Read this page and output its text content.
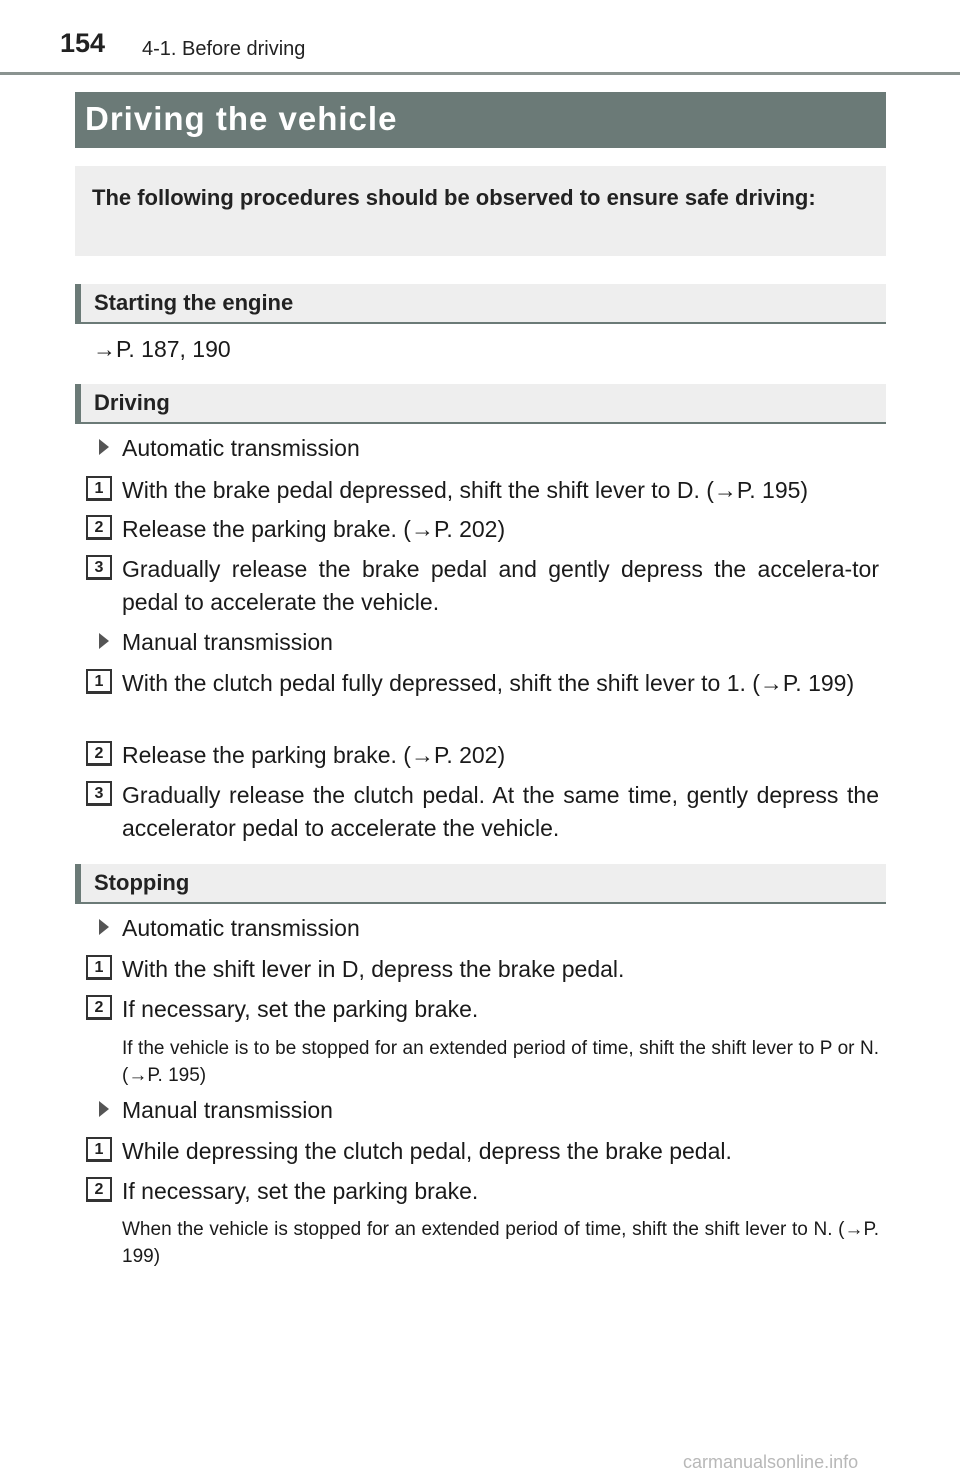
154 4-1. Before driving
Driving the vehicle

The following procedures should be observed to ensure safe driving:

Starting the engine
→P. 187, 190
Driving
Automatic transmission
1 With the brake pedal depressed, shift the shift lever to D. (→P. 195)
2 Release the parking brake. (→P. 202)
3 Gradually release the brake pedal and gently depress the accelera-tor pedal to accelerate the vehicle.
Manual transmission
1 With the clutch pedal fully depressed, shift the shift lever to 1. (→P. 199)
2 Release the parking brake. (→P. 202)
3 Gradually release the clutch pedal. At the same time, gently depress the accelerator pedal to accelerate the vehicle.
Stopping
Automatic transmission
1 With the shift lever in D, depress the brake pedal.
2 If necessary, set the parking brake.
If the vehicle is to be stopped for an extended period of time, shift the shift lever to P or N. (→P. 195)
Manual transmission
1 While depressing the clutch pedal, depress the brake pedal.
2 If necessary, set the parking brake.
When the vehicle is stopped for an extended period of time, shift the shift lever to N. (→P. 199)
carmanualsonline.info
